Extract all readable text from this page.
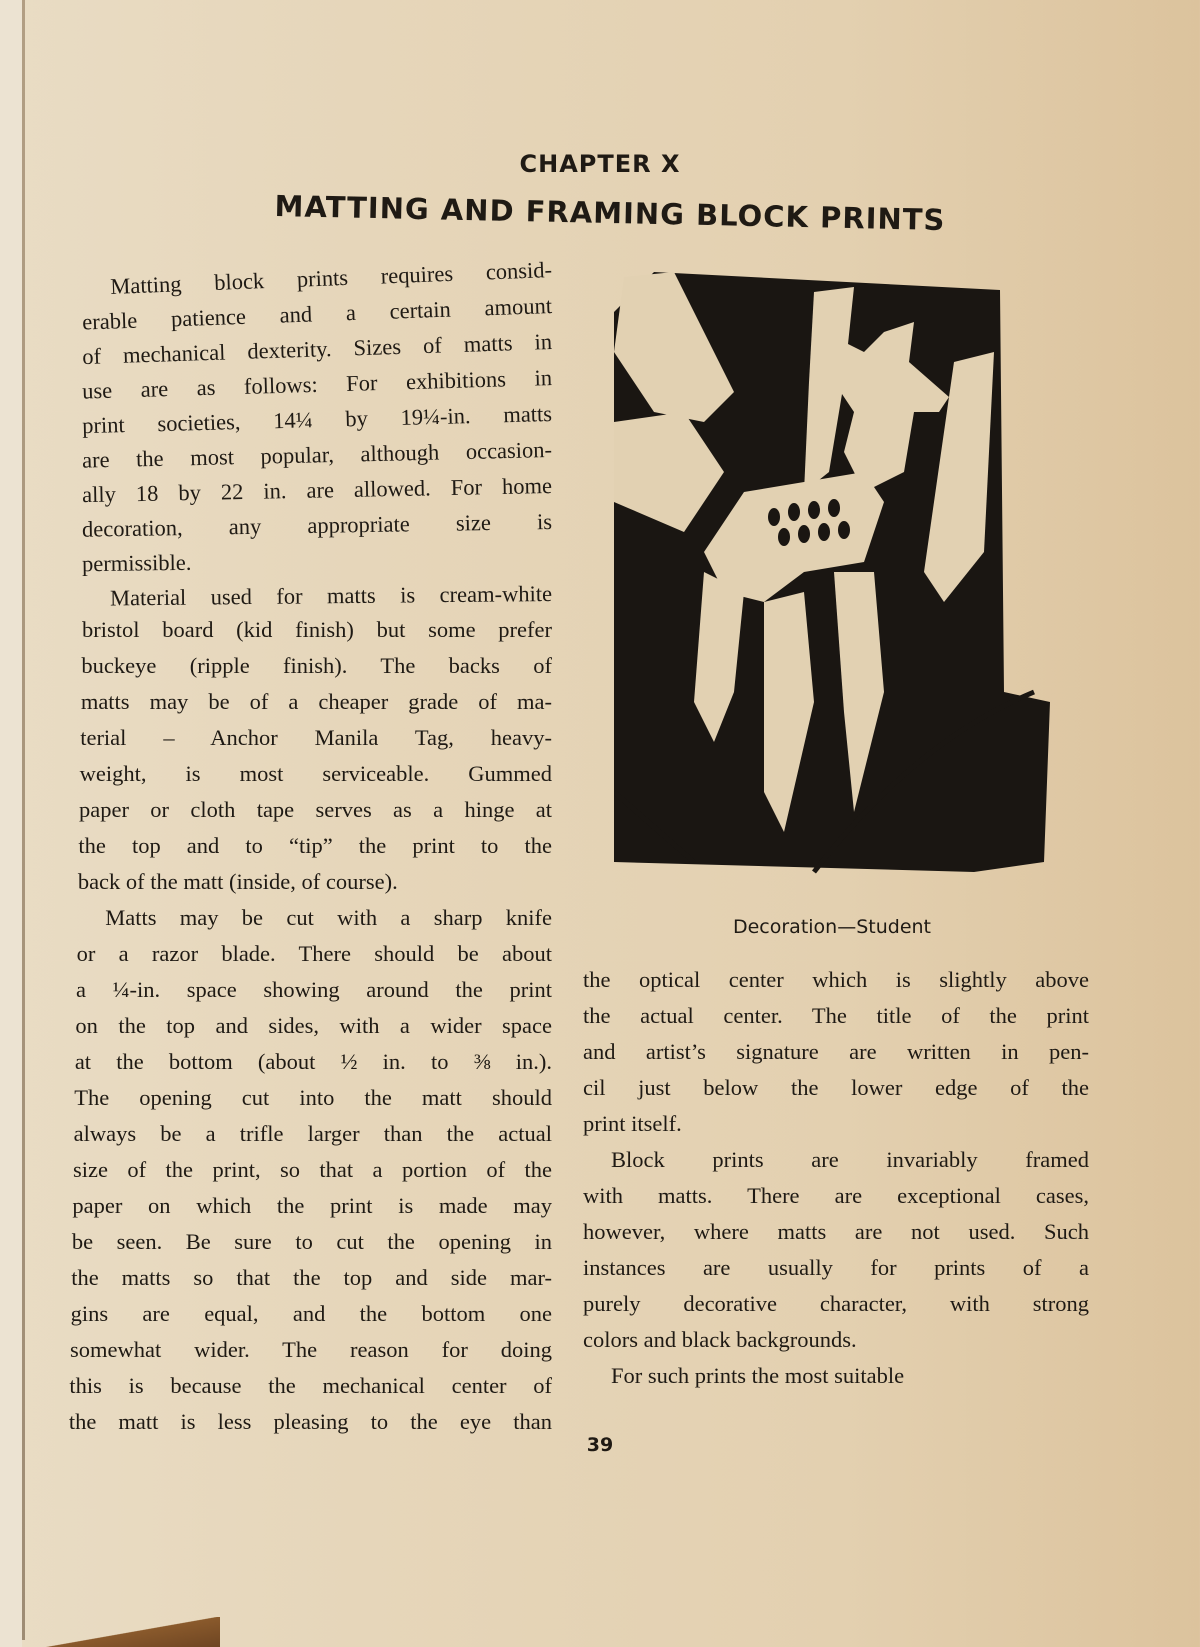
CHAPTER X
MATTING AND FRAMING BLOCK PRINTS
Matting block prints requires consid-
erable patience and a certain amount
of mechanical dexterity. Sizes of matts in
use are as follows: For exhibitions in
print societies, 14¼ by 19¼-in. matts
are the most popular, although occasion-
ally 18 by 22 in. are allowed. For home
decoration, any appropriate size is
permissible.
Material used for matts is cream-white
bristol board (kid finish) but some prefer
buckeye (ripple finish). The backs of
matts may be of a cheaper grade of ma-
terial – Anchor Manila Tag, heavy-
weight, is most serviceable. Gummed
paper or cloth tape serves as a hinge at
the top and to “tip” the print to the
back of the matt (inside, of course).
Matts may be cut with a sharp knife
or a razor blade. There should be about
a ¼-in. space showing around the print
on the top and sides, with a wider space
at the bottom (about ½ in. to ⅜ in.).
The opening cut into the matt should
always be a trifle larger than the actual
size of the print, so that a portion of the
paper on which the print is made may
be seen. Be sure to cut the opening in
the matts so that the top and side mar-
gins are equal, and the bottom one
somewhat wider. The reason for doing
this is because the mechanical center of
the matt is less pleasing to the eye than
Decoration—Student
the optical center which is slightly above
the actual center. The title of the print
and artist’s signature are written in pen-
cil just below the lower edge of the
print itself.
Block prints are invariably framed
with matts. There are exceptional cases,
however, where matts are not used. Such
instances are usually for prints of a
purely decorative character, with strong
colors and black backgrounds.
For such prints the most suitable
39
